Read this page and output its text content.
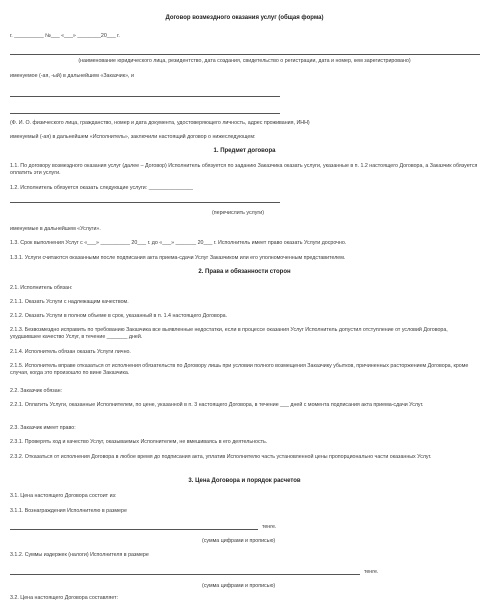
Договор возмездного оказания услуг (общая форма)

г. __________ №___ «___» ________20___ г.

(наименование юридического лица, резидентство, дата создания, свидетельство о регистрации, дата и номер, кем зарегистрировано)

именуемое (-ая, -ый) в дальнейшем «Заказчик», и

(Ф. И. О. физического лица, гражданство, номер и дата документа, удостоверяющего личность, адрес проживания, ИНН)

именуемый (-ая) в дальнейшем «Исполнитель», заключили настоящий договор о нижеследующем:

1. Предмет договора

1.1. По договору возмездного оказания услуг (далее – Договор) Исполнитель обязуется по заданию Заказчика оказать услуги, указанные в п. 1.2 настоящего Договора, а Заказчик обязуется оплатить эти услуги.

1.2. Исполнитель обязуется оказать следующие услуги: _______________

(перечислить услуги)

именуемые в дальнейшем «Услуги».

1.3. Срок выполнения Услуг с «___» __________ 20___ г. до «___» _______ 20___ г. Исполнитель имеет право оказать Услуги досрочно.

1.3.1. Услуги считаются оказанными после подписания акта приема-сдачи Услуг Заказчиком или его уполномоченным представителем.

2. Права и обязанности сторон

2.1. Исполнитель обязан:

2.1.1. Оказать Услуги с надлежащим качеством.

2.1.2. Оказать Услуги в полном объеме в срок, указанный в п. 1.4 настоящего Договора.

2.1.3. Безвозмездно исправить по требованию Заказчика все выявленные недостатки, если в процессе оказания Услуг Исполнитель допустил отступление от условий Договора, ухудшившее качество Услуг, в течение _______ дней.

2.1.4. Исполнитель обязан оказать Услуги лично.

2.1.5. Исполнитель вправе отказаться от исполнения обязательств по Договору лишь при условии полного возмещения Заказчику убытков, причиненных расторжением Договора, кроме случая, когда это произошло по вине Заказчика.

2.2. Заказчик обязан:

2.2.1. Оплатить Услуги, оказанные Исполнителем, по цене, указанной в п. 3 настоящего Договора, в течение ___ дней с момента подписания акта приема-сдачи Услуг.

2.3. Заказчик имеет право:

2.3.1. Проверять ход и качество Услуг, оказываемых Исполнителем, не вмешиваясь в его деятельность.

2.3.2. Отказаться от исполнения Договора в любое время до подписания акта, уплатив Исполнителю часть установленной цены пропорционально части оказанных Услуг.

3. Цена Договора и порядок расчетов

3.1. Цена настоящего Договора состоит из:

3.1.1. Вознаграждения Исполнителю в размере

тенге.

(сумма цифрами и прописью)

3.1.2. Суммы издержек (налоги) Исполнителя в размере

тенге.

(сумма цифрами и прописью)

3.2. Цена настоящего Договора составляет:
